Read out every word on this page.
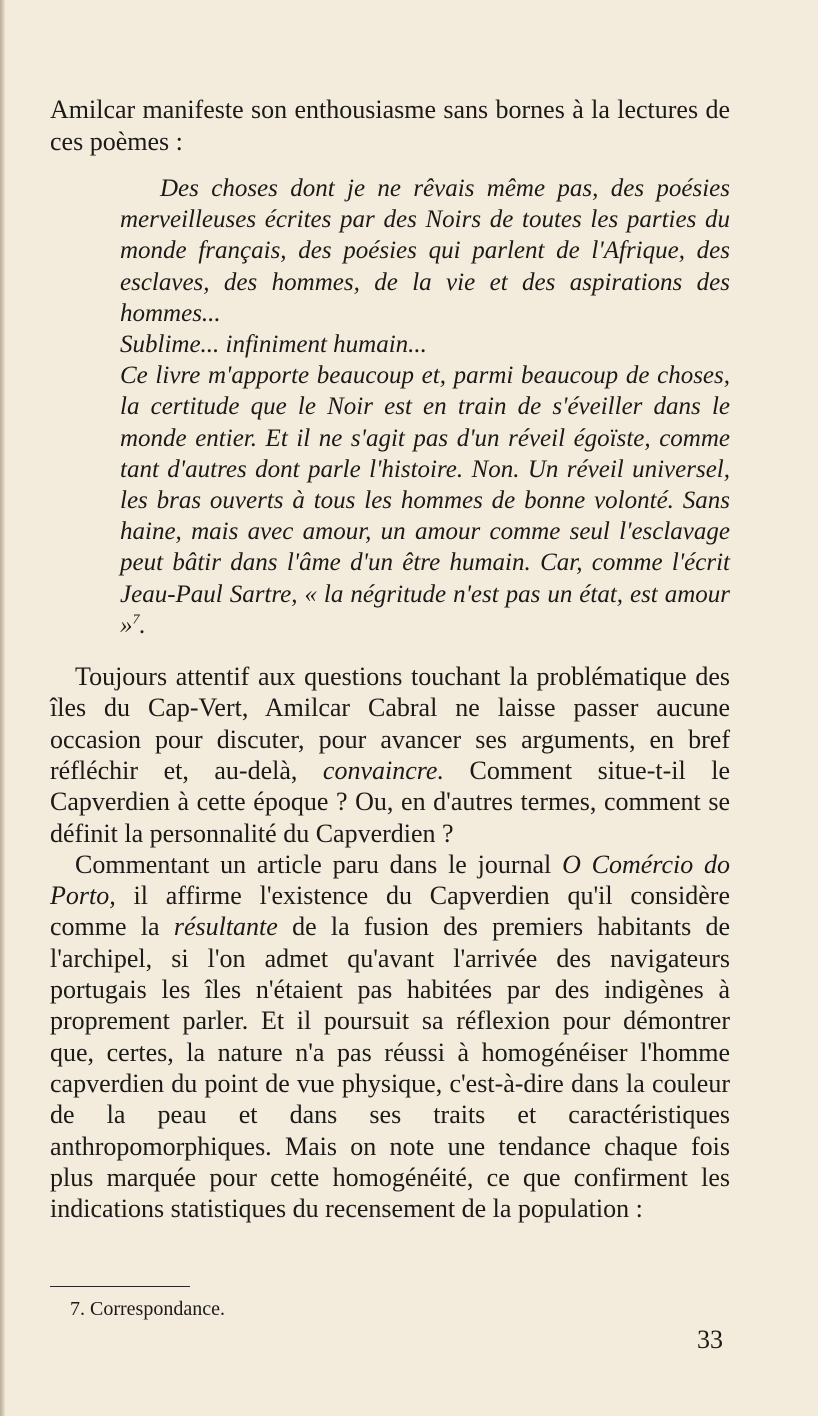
Amilcar manifeste son enthousiasme sans bornes à la lectures de ces poèmes :

Des choses dont je ne rêvais même pas, des poésies merveilleuses écrites par des Noirs de toutes les parties du monde français, des poésies qui parlent de l'Afrique, des esclaves, des hommes, de la vie et des aspirations des hommes...
Sublime... infiniment humain...
Ce livre m'apporte beaucoup et, parmi beaucoup de choses, la certitude que le Noir est en train de s'éveiller dans le monde entier. Et il ne s'agit pas d'un réveil égoïste, comme tant d'autres dont parle l'histoire. Non. Un réveil universel, les bras ouverts à tous les hommes de bonne volonté. Sans haine, mais avec amour, un amour comme seul l'esclavage peut bâtir dans l'âme d'un être humain. Car, comme l'écrit Jeau-Paul Sartre, « la négritude n'est pas un état, est amour »$^7$.

Toujours attentif aux questions touchant la problématique des îles du Cap-Vert, Amilcar Cabral ne laisse passer aucune occasion pour discuter, pour avancer ses arguments, en bref réfléchir et, au-delà, convaincre. Comment situe-t-il le Capverdien à cette époque ? Ou, en d'autres termes, comment se définit la personnalité du Capverdien ?

Commentant un article paru dans le journal O Comércio do Porto, il affirme l'existence du Capverdien qu'il considère comme la résultante de la fusion des premiers habitants de l'archipel, si l'on admet qu'avant l'arrivée des navigateurs portugais les îles n'étaient pas habitées par des indigènes à proprement parler. Et il poursuit sa réflexion pour démontrer que, certes, la nature n'a pas réussi à homogénéiser l'homme capverdien du point de vue physique, c'est-à-dire dans la couleur de la peau et dans ses traits et caractéristiques anthropomorphiques. Mais on note une tendance chaque fois plus marquée pour cette homogénéité, ce que confirment les indications statistiques du recensement de la population :

7. Correspondance.
33
